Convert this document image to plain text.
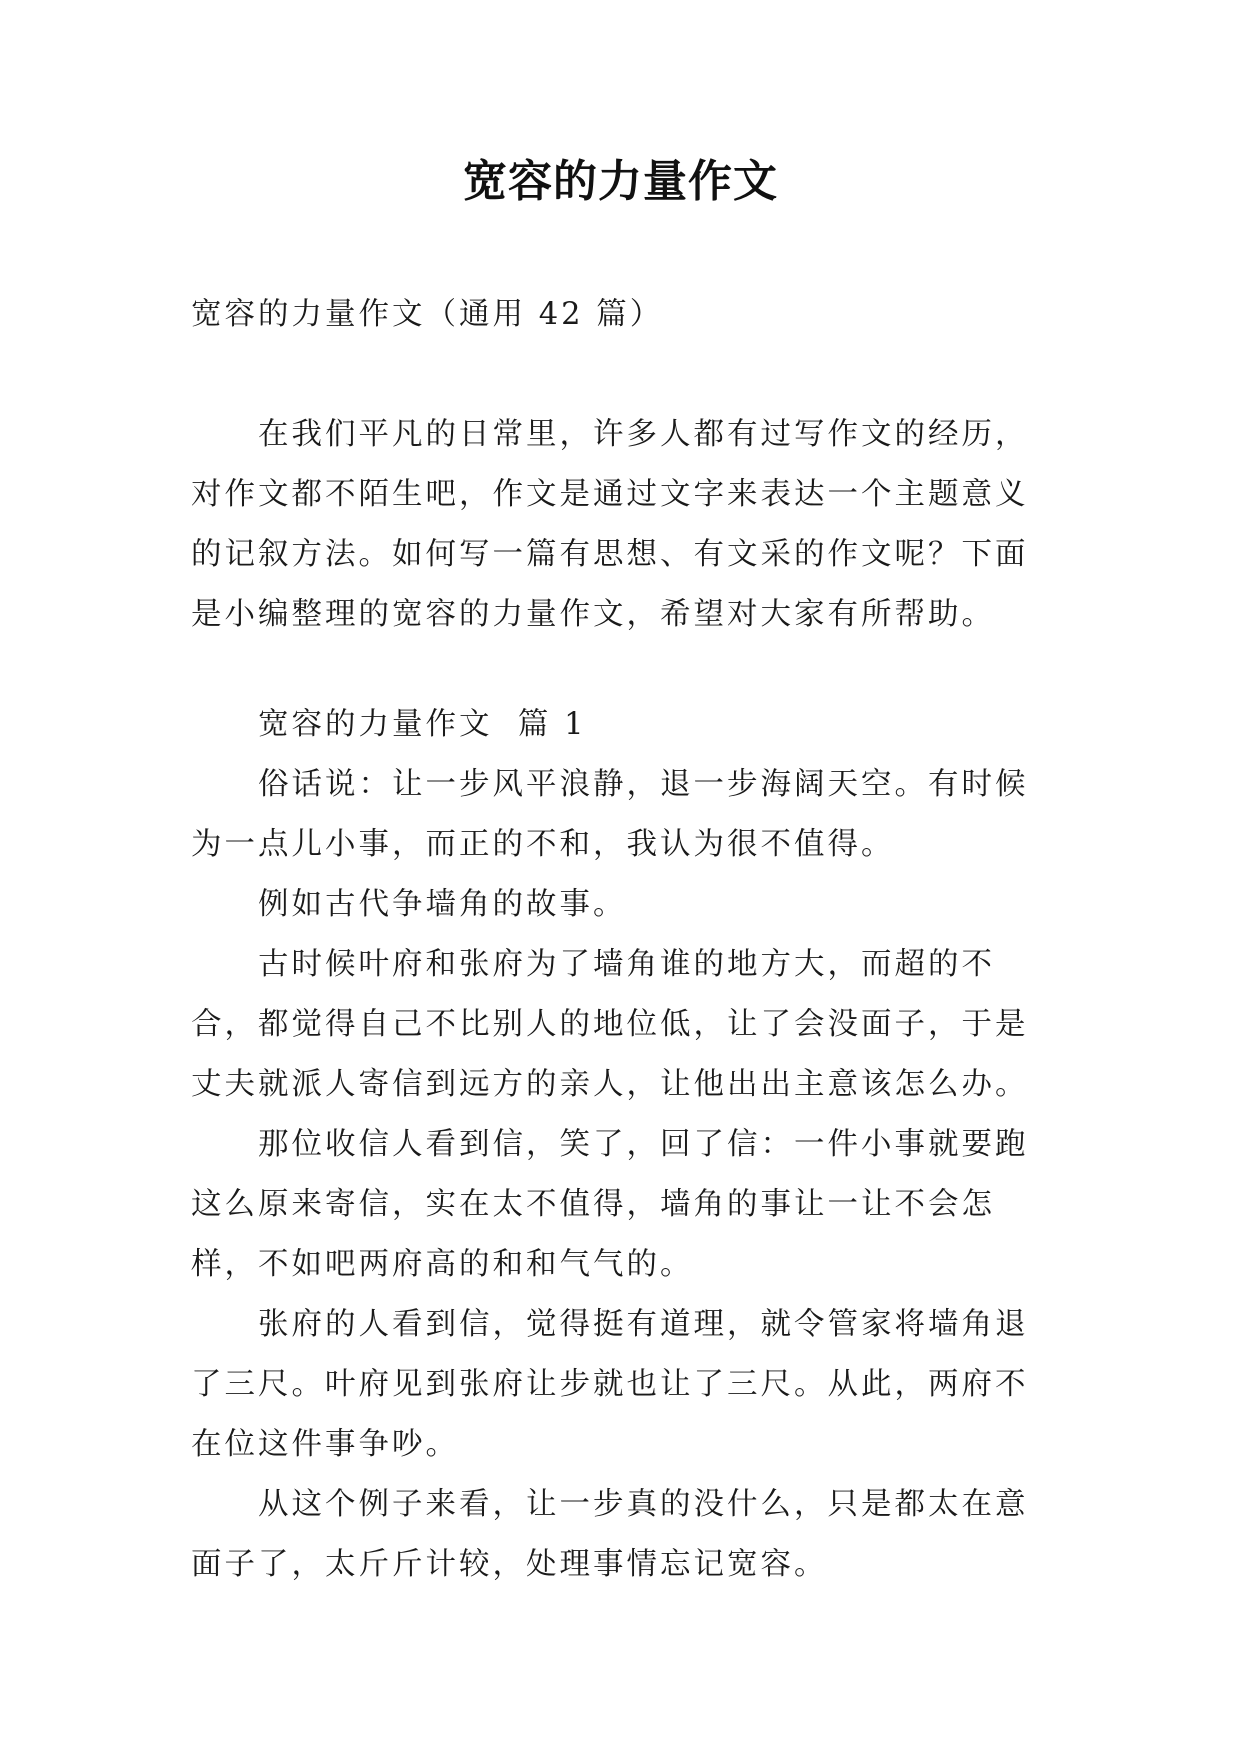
宽容的力量作文

宽容的力量作文（通用 42 篇）

在我们平凡的日常里，许多人都有过写作文的经历，对作文都不陌生吧，作文是通过文字来表达一个主题意义的记叙方法。如何写一篇有思想、有文采的作文呢？下面是小编整理的宽容的力量作文，希望对大家有所帮助。

宽容的力量作文  篇 1

俗话说：让一步风平浪静，退一步海阔天空。有时候为一点儿小事，而正的不和，我认为很不值得。

例如古代争墙角的故事。

古时候叶府和张府为了墙角谁的地方大，而超的不合，都觉得自己不比别人的地位低，让了会没面子，于是丈夫就派人寄信到远方的亲人，让他出出主意该怎么办。

那位收信人看到信，笑了，回了信：一件小事就要跑这么原来寄信，实在太不值得，墙角的事让一让不会怎样，不如吧两府高的和和气气的。

张府的人看到信，觉得挺有道理，就令管家将墙角退了三尺。叶府见到张府让步就也让了三尺。从此，两府不在位这件事争吵。

从这个例子来看，让一步真的没什么，只是都太在意面子了，太斤斤计较，处理事情忘记宽容。
